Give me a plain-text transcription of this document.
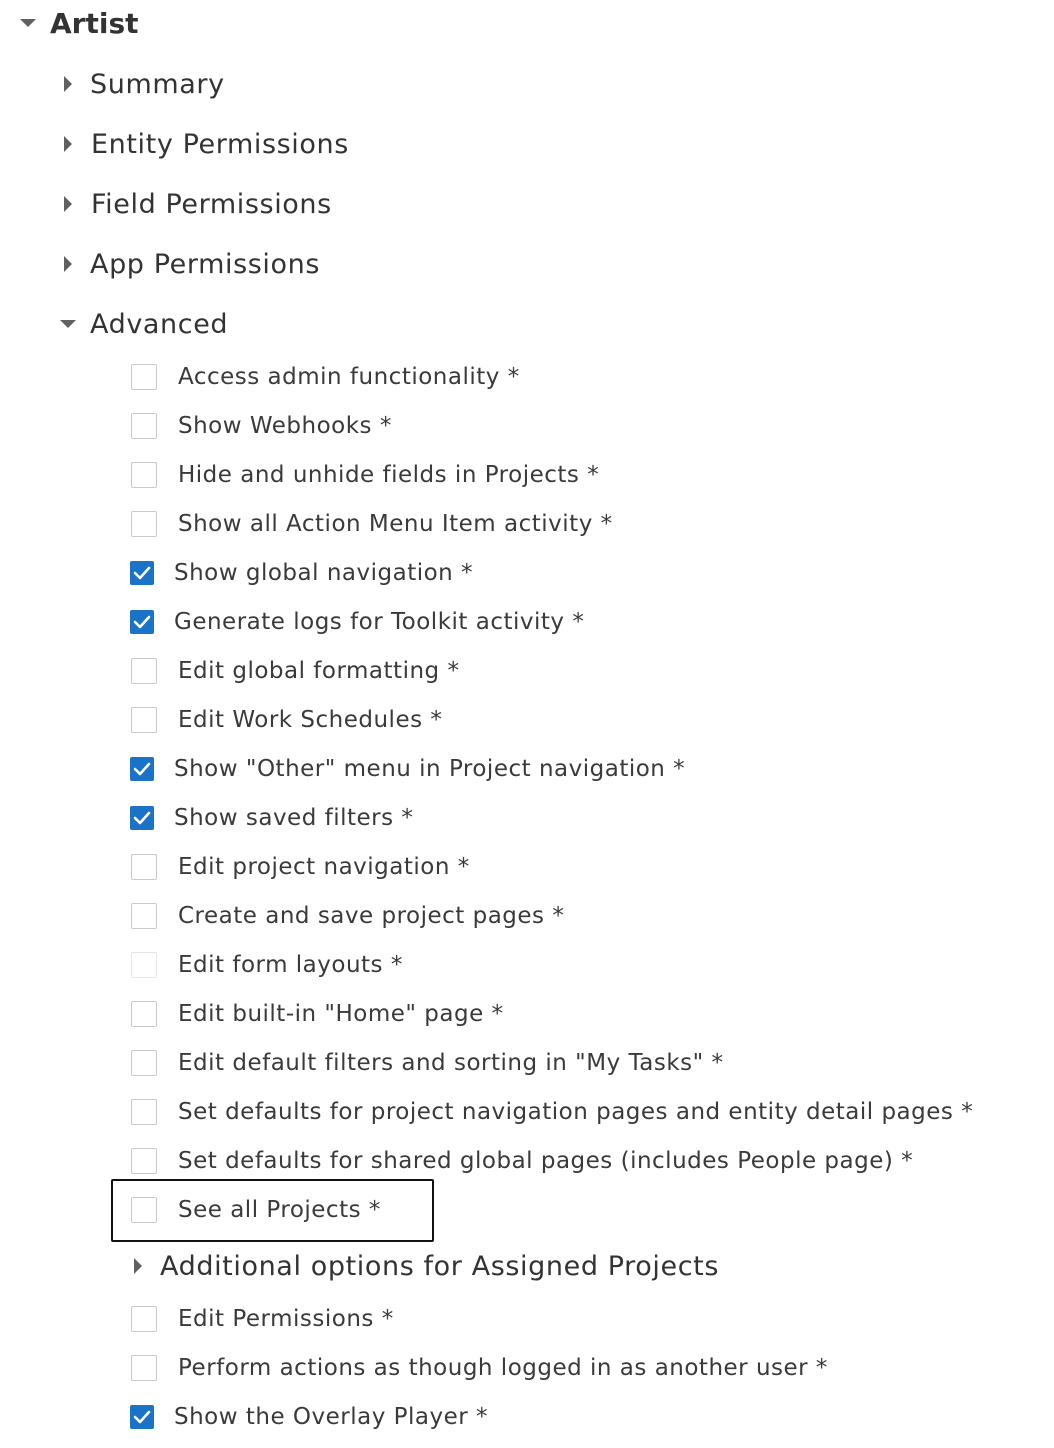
Artist
Summary
Entity Permissions
Field Permissions
App Permissions
Advanced
Access admin functionality *
Show Webhooks *
Hide and unhide fields in Projects *
Show all Action Menu Item activity *
Show global navigation *
Generate logs for Toolkit activity *
Edit global formatting *
Edit Work Schedules *
Show "Other" menu in Project navigation *
Show saved filters *
Edit project navigation *
Create and save project pages *
Edit form layouts *
Edit built-in "Home" page *
Edit default filters and sorting in "My Tasks" *
Set defaults for project navigation pages and entity detail pages *
Set defaults for shared global pages (includes People page) *
See all Projects *
Additional options for Assigned Projects
Edit Permissions *
Perform actions as though logged in as another user *
Show the Overlay Player *
